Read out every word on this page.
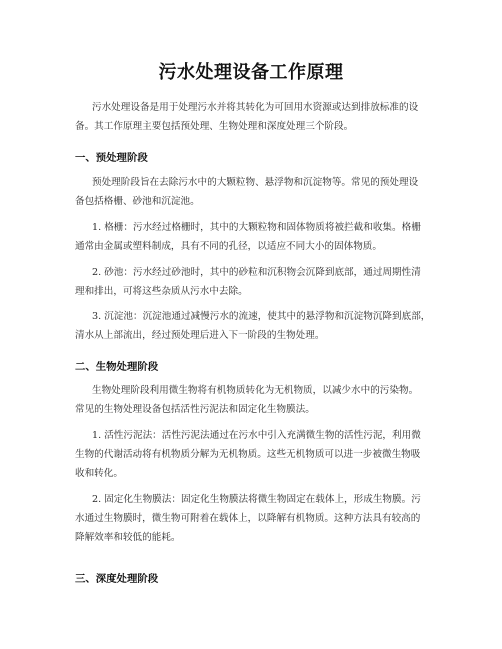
污水处理设备工作原理
污水处理设备是用于处理污水并将其转化为可回用水资源或达到排放标准的设
备。其工作原理主要包括预处理、生物处理和深度处理三个阶段。
一、预处理阶段
预处理阶段旨在去除污水中的大颗粒物、悬浮物和沉淀物等。常见的预处理设
备包括格栅、砂池和沉淀池。
1. 格栅：污水经过格栅时，其中的大颗粒物和固体物质将被拦截和收集。格栅
通常由金属或塑料制成，具有不同的孔径，以适应不同大小的固体物质。
2. 砂池：污水经过砂池时，其中的砂粒和沉积物会沉降到底部，通过周期性清
理和排出，可将这些杂质从污水中去除。
3. 沉淀池：沉淀池通过减慢污水的流速，使其中的悬浮物和沉淀物沉降到底部，
清水从上部流出，经过预处理后进入下一阶段的生物处理。
二、生物处理阶段
生物处理阶段利用微生物将有机物质转化为无机物质，以减少水中的污染物。
常见的生物处理设备包括活性污泥法和固定化生物膜法。
1. 活性污泥法：活性污泥法通过在污水中引入充满微生物的活性污泥，利用微
生物的代谢活动将有机物质分解为无机物质。这些无机物质可以进一步被微生物吸
收和转化。
2. 固定化生物膜法：固定化生物膜法将微生物固定在载体上，形成生物膜。污
水通过生物膜时，微生物可附着在载体上，以降解有机物质。这种方法具有较高的
降解效率和较低的能耗。
三、深度处理阶段
